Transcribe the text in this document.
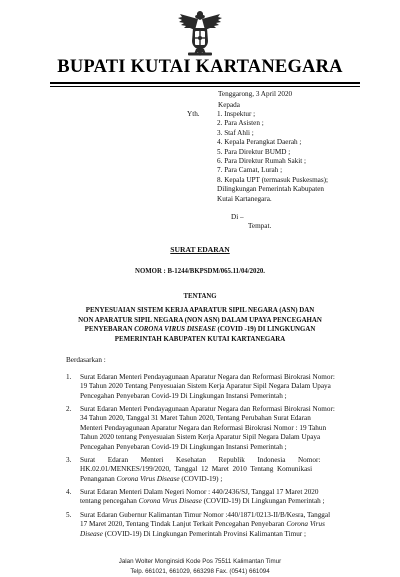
BUPATI KUTAI KARTANEGARA
Tenggarong, 3 April 2020
Kepada
Yth. 1. Inspektur ;
2. Para Asisten ;
3. Staf Ahli ;
4. Kepala Perangkat Daerah ;
5. Para Direktur BUMD ;
6. Para Direktur Rumah Sakit ;
7. Para Camat, Lurah ;
8. Kepala UPT (termasuk Puskesmas);
Dilingkungan Pemerintah Kabupaten
Kutai Kartanegara.
Di –
Tempat.
SURAT EDARAN
NOMOR : B-1244/BKPSDM/065.11/04/2020.
TENTANG
PENYESUAIAN SISTEM KERJA APARATUR SIPIL NEGARA (ASN) DAN
NON APARATUR SIPIL NEGARA (NON ASN) DALAM UPAYA PENCEGAHAN
PENYEBARAN CORONA VIRUS DISEASE (COVID -19) DI LINGKUNGAN
PEMERINTAH KABUPATEN KUTAI KARTANEGARA
Berdasarkan :
1. Surat Edaran Menteri Pendayagunaan Aparatur Negara dan Reformasi Birokrasi Nomor:
19 Tahun 2020 Tentang Penyesuaian Sistem Kerja Aparatur Sipil Negara Dalam Upaya
Pencegahan Penyebaran Covid-19 Di Lingkungan Instansi Pemerintah ;
2. Surat Edaran Menteri Pendayagunaan Aparatur Negara dan Reformasi Birokrasi Nomor:
34 Tahun 2020, Tanggal 31 Maret Tahun 2020, Tentang Perubahan Surat Edaran
Menteri Pendayagunaan Aparatur Negara dan Reformasi Birokrasi Nomor : 19 Tahun
Tahun 2020 tentang Penyesuaian Sistem Kerja Aparatur Sipil Negara Dalam Upaya
Pencegahan Penyebaran Covid-19 Di Lingkungan Instansi Pemerintah ;
3. Surat       Edaran       Menteri       Kesehatan       Republik       Indonesia       Nomor:
HK.02.01/MENKES/199/2020,  Tanggal  12  Maret  2010  Tentang  Komunikasi
Penanganan Corona Virus Disease (COVID-19) ;
4. Surat Edaran Menteri Dalam Negeri Nomor : 440/2436/SJ, Tanggal 17 Maret 2020
tentang pencegahan Corona Virus Disease (COVID-19) Di Lingkungan Pemerintah ;
5. Surat Edaran Gubernur Kalimantan Timur Nomor :440/1871/0213-II/B/Kesra, Tanggal
17 Maret 2020, Tentang Tindak Lanjut Terkait Pencegahan Penyebaran Corona Virus
Disease (COVID-19) Di Lingkungan Pemerintah Provinsi Kalimantan Timur ;
Jalan Wolter Monginsidi Kode Pos 75511 Kalimantan Timur
Telp. 661021, 661029, 663298 Fax. (0541) 661094
